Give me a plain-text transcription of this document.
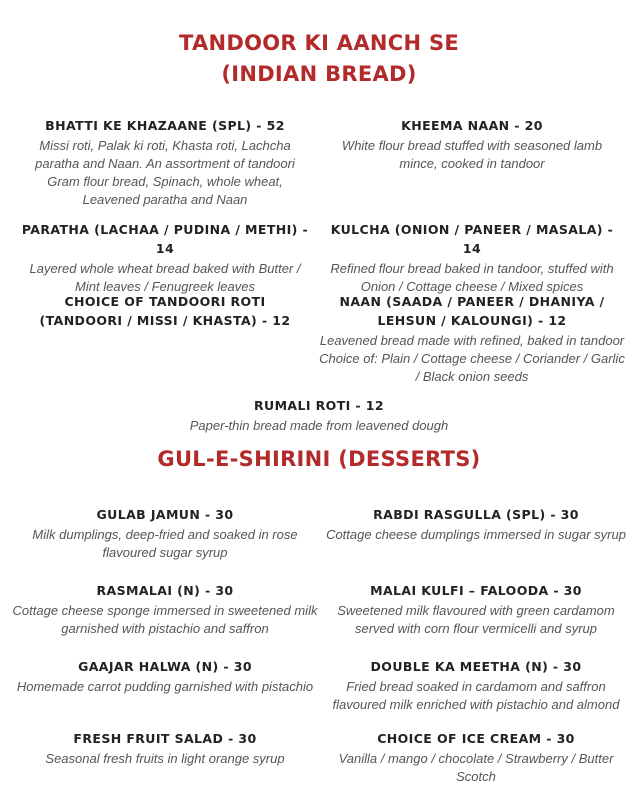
TANDOOR KI AANCH SE (INDIAN BREAD)

BHATTI KE KHAZAANE (SPL) - 52

Missi roti, Palak ki roti, Khasta roti, Lachcha paratha and Naan. An assortment of tandoori Gram flour bread, Spinach, whole wheat, Leavened paratha and Naan

KHEEMA NAAN - 20

White flour bread stuffed with seasoned lamb mince, cooked in tandoor

PARATHA (LACHAA / PUDINA / METHI) - 14

Layered whole wheat bread baked with Butter / Mint leaves / Fenugreek leaves

KULCHA (ONION / PANEER / MASALA) - 14

Refined flour bread baked in tandoor, stuffed with Onion / Cottage cheese / Mixed spices

CHOICE OF TANDOORI ROTI (TANDOORI / MISSI / KHASTA) - 12

NAAN (SAADA / PANEER / DHANIYA / LEHSUN / KALOUNGI) - 12

Leavened bread made with refined, baked in tandoor Choice of: Plain / Cottage cheese / Coriander / Garlic / Black onion seeds

RUMALI ROTI - 12

Paper-thin bread made from leavened dough

GUL-E-SHIRINI (DESSERTS)

GULAB JAMUN - 30

Milk dumplings, deep-fried and soaked in rose flavoured sugar syrup

RABDI RASGULLA (SPL) - 30

Cottage cheese dumplings immersed in sugar syrup

RASMALAI (N) - 30

Cottage cheese sponge immersed in sweetened milk garnished with pistachio and saffron

MALAI KULFI – FALOODA - 30

Sweetened milk flavoured with green cardamom served with corn flour vermicelli and syrup

GAAJAR HALWA (N) - 30

Homemade carrot pudding garnished with pistachio

DOUBLE KA MEETHA (N) - 30

Fried bread soaked in cardamom and saffron flavoured milk enriched with pistachio and almond

FRESH FRUIT SALAD - 30

Seasonal fresh fruits in light orange syrup

CHOICE OF ICE CREAM - 30

Vanilla / mango / chocolate / Strawberry / Butter Scotch
